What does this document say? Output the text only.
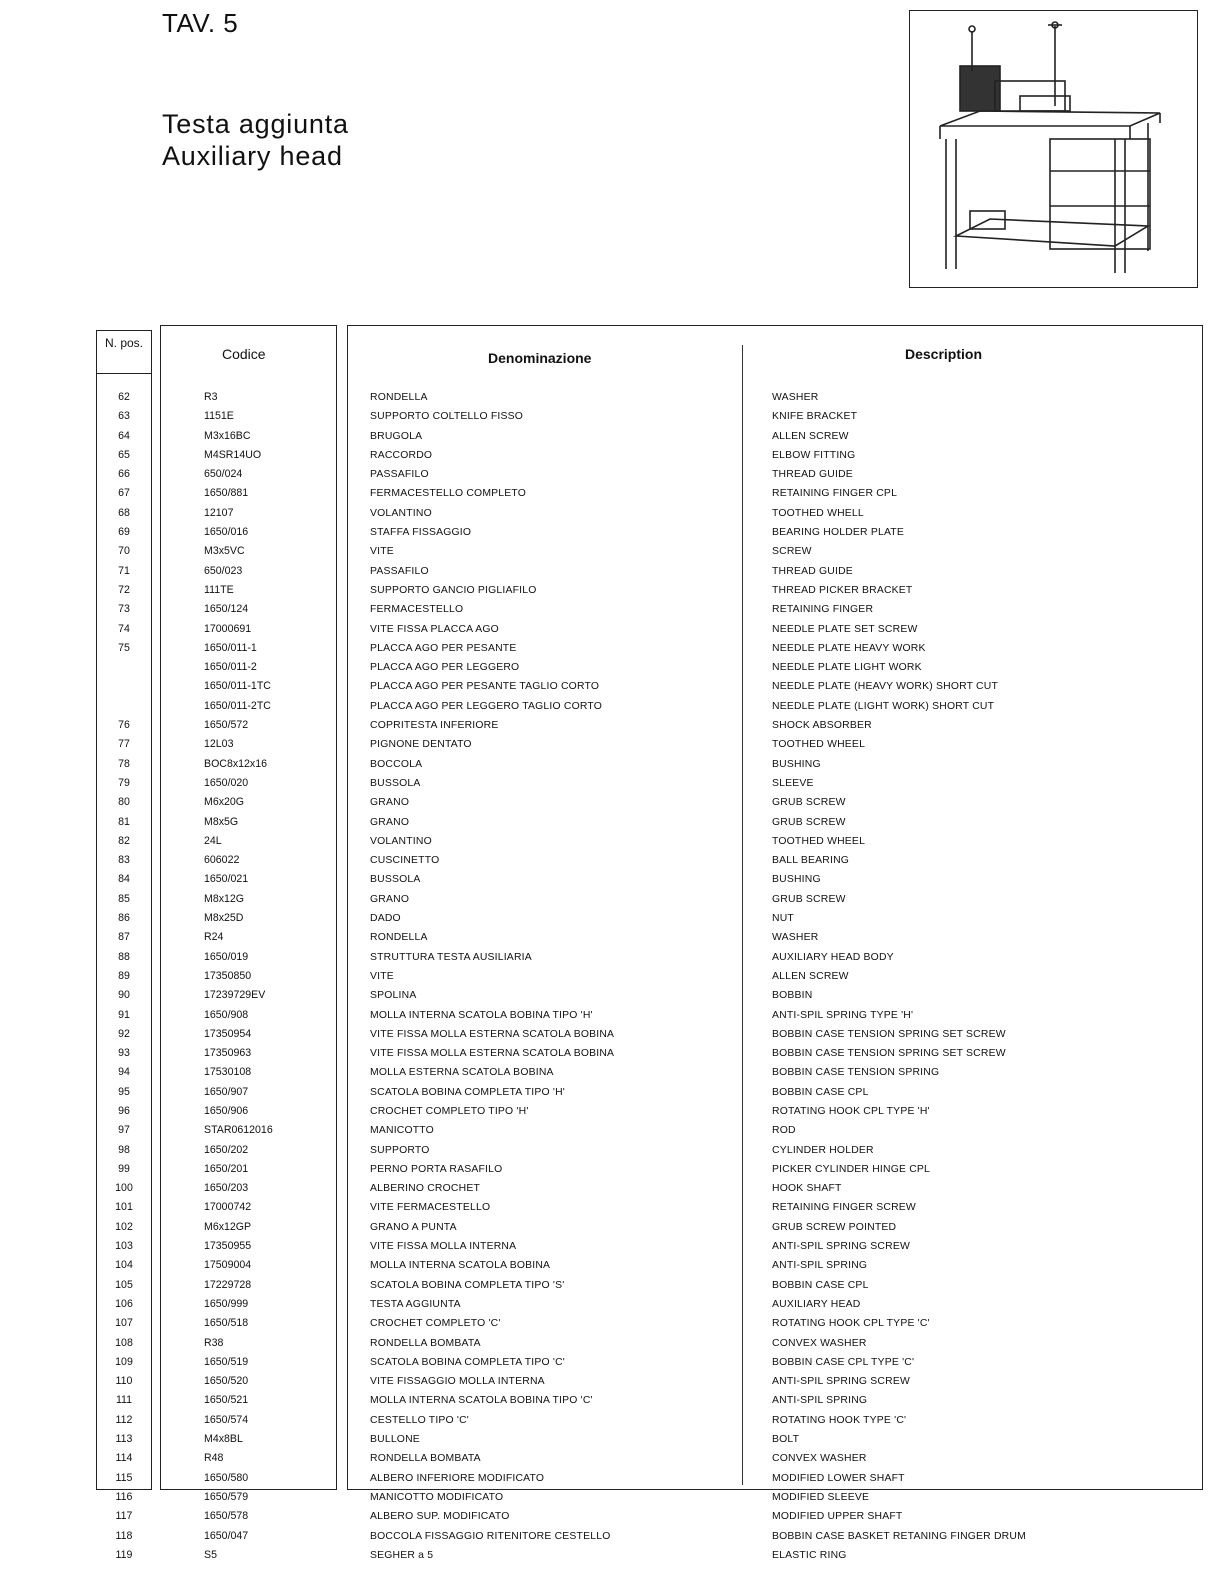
TAV. 5
Testa aggiunta
Auxiliary head
N. pos.
Codice	Denominazione	Description
62
63
64
65
66
67
68
69
70
71
72
73
74
75
76
77
78
79
80
81
82
83
84
85
86
87
88
89
90
91
92
93
94
95
96
97
98
99
100
101
102
103
104
105
106
107
108
109
110
111
112
113
114
115
116
117
118
119
R3
1151E
M3x16BC
M4SR14UO
650/024
1650/881
12107
1650/016
M3x5VC
650/023
111TE
1650/124
17000691
1650/011-1
1650/011-2
1650/011-1TC
1650/011-2TC
1650/572
12L03
BOC8x12x16
1650/020
M6x20G
M8x5G
24L
606022
1650/021
M8x12G
M8x25D
R24
1650/019
17350850
17239729EV
1650/908
17350954
17350963
17530108
1650/907
1650/906
STAR0612016
1650/202
1650/201
1650/203
17000742
M6x12GP
17350955
17509004
17229728
1650/999
1650/518
R38
1650/519
1650/520
1650/521
1650/574
M4x8BL
R48
1650/580
1650/579
1650/578
1650/047
S5
RONDELLA
SUPPORTO COLTELLO FISSO
BRUGOLA
RACCORDO
PASSAFILO
FERMACESTELLO COMPLETO
VOLANTINO
STAFFA FISSAGGIO
VITE
PASSAFILO
SUPPORTO GANCIO PIGLIAFILO
FERMACESTELLO
VITE FISSA PLACCA AGO
PLACCA AGO PER PESANTE
PLACCA AGO PER LEGGERO
PLACCA AGO PER PESANTE TAGLIO CORTO
PLACCA AGO PER LEGGERO TAGLIO CORTO
COPRITESTA INFERIORE
PIGNONE DENTATO
BOCCOLA
BUSSOLA
GRANO
GRANO
VOLANTINO
CUSCINETTO
BUSSOLA
GRANO
DADO
RONDELLA
STRUTTURA TESTA AUSILIARIA
VITE
SPOLINA
MOLLA INTERNA SCATOLA BOBINA TIPO 'H'
VITE FISSA MOLLA ESTERNA SCATOLA BOBINA
VITE FISSA MOLLA ESTERNA SCATOLA BOBINA
MOLLA ESTERNA SCATOLA BOBINA
SCATOLA BOBINA COMPLETA TIPO 'H'
CROCHET COMPLETO TIPO 'H'
MANICOTTO
SUPPORTO
PERNO PORTA RASAFILO
ALBERINO CROCHET
VITE FERMACESTELLO
GRANO A PUNTA
VITE FISSA MOLLA INTERNA
MOLLA INTERNA SCATOLA BOBINA
SCATOLA BOBINA COMPLETA TIPO 'S'
TESTA AGGIUNTA
CROCHET COMPLETO 'C'
RONDELLA BOMBATA
SCATOLA BOBINA COMPLETA TIPO 'C'
VITE FISSAGGIO MOLLA INTERNA
MOLLA INTERNA SCATOLA BOBINA TIPO 'C'
CESTELLO TIPO 'C'
BULLONE
RONDELLA BOMBATA
ALBERO INFERIORE MODIFICATO
MANICOTTO MODIFICATO
ALBERO SUP. MODIFICATO
BOCCOLA FISSAGGIO RITENITORE CESTELLO
SEGHER a 5
WASHER
KNIFE BRACKET
ALLEN SCREW
ELBOW FITTING
THREAD GUIDE
RETAINING FINGER CPL
TOOTHED WHELL
BEARING HOLDER PLATE
SCREW
THREAD GUIDE
THREAD PICKER BRACKET
RETAINING FINGER
NEEDLE PLATE SET SCREW
NEEDLE PLATE HEAVY WORK
NEEDLE PLATE LIGHT WORK
NEEDLE PLATE (HEAVY WORK) SHORT CUT
NEEDLE PLATE (LIGHT WORK) SHORT CUT
SHOCK ABSORBER
TOOTHED WHEEL
BUSHING
SLEEVE
GRUB SCREW
GRUB SCREW
TOOTHED WHEEL
BALL BEARING
BUSHING
GRUB SCREW
NUT
WASHER
AUXILIARY HEAD BODY
ALLEN SCREW
BOBBIN
ANTI-SPIL SPRING TYPE 'H'
BOBBIN CASE TENSION SPRING SET SCREW
BOBBIN CASE TENSION SPRING SET SCREW
BOBBIN CASE TENSION SPRING
BOBBIN CASE CPL
ROTATING HOOK CPL TYPE 'H'
ROD
CYLINDER HOLDER
PICKER CYLINDER HINGE CPL
HOOK SHAFT
RETAINING FINGER SCREW
GRUB SCREW POINTED
ANTI-SPIL SPRING SCREW
ANTI-SPIL SPRING
BOBBIN CASE CPL
AUXILIARY HEAD
ROTATING HOOK CPL TYPE 'C'
CONVEX WASHER
BOBBIN CASE CPL TYPE 'C'
ANTI-SPIL SPRING SCREW
ANTI-SPIL SPRING
ROTATING HOOK TYPE 'C'
BOLT
CONVEX WASHER
MODIFIED LOWER SHAFT
MODIFIED SLEEVE
MODIFIED UPPER SHAFT
BOBBIN CASE BASKET RETANING FINGER DRUM
ELASTIC RING
